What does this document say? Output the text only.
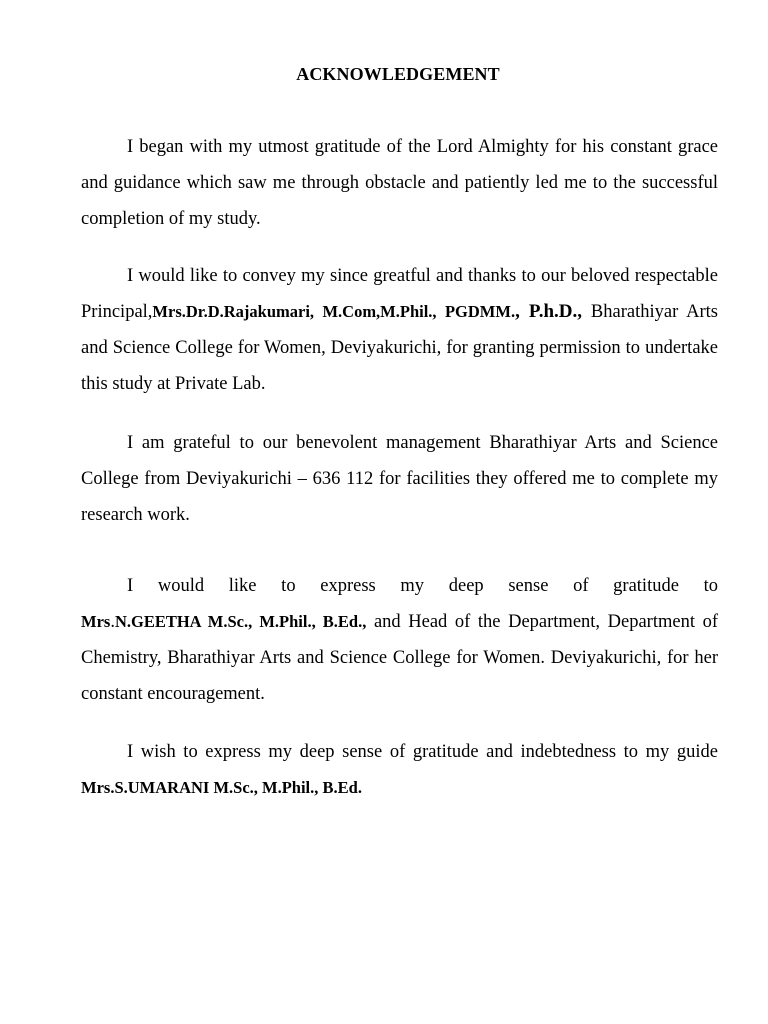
ACKNOWLEDGEMENT

I began with my utmost gratitude of the Lord Almighty for his constant grace and guidance which saw me through obstacle and patiently led me to the successful completion of my study.

I would like to convey my since greatful and thanks to our beloved respectable Principal,Mrs.Dr.D.Rajakumari, M.Com,M.Phil., PGDMM., P.h.D., Bharathiyar Arts and Science College for Women, Deviyakurichi, for granting permission to undertake this study at Private Lab.

I am grateful to our benevolent management Bharathiyar Arts and Science College from Deviyakurichi – 636 112 for facilities they offered me to complete my research work.

I would like to express my deep sense of gratitude to Mrs.N.GEETHA M.Sc., M.Phil., B.Ed., and Head of the Department, Department of Chemistry, Bharathiyar Arts and Science College for Women. Deviyakurichi, for her constant encouragement.

I wish to express my deep sense of gratitude and indebtedness to my guide Mrs.S.UMARANI M.Sc., M.Phil., B.Ed.
